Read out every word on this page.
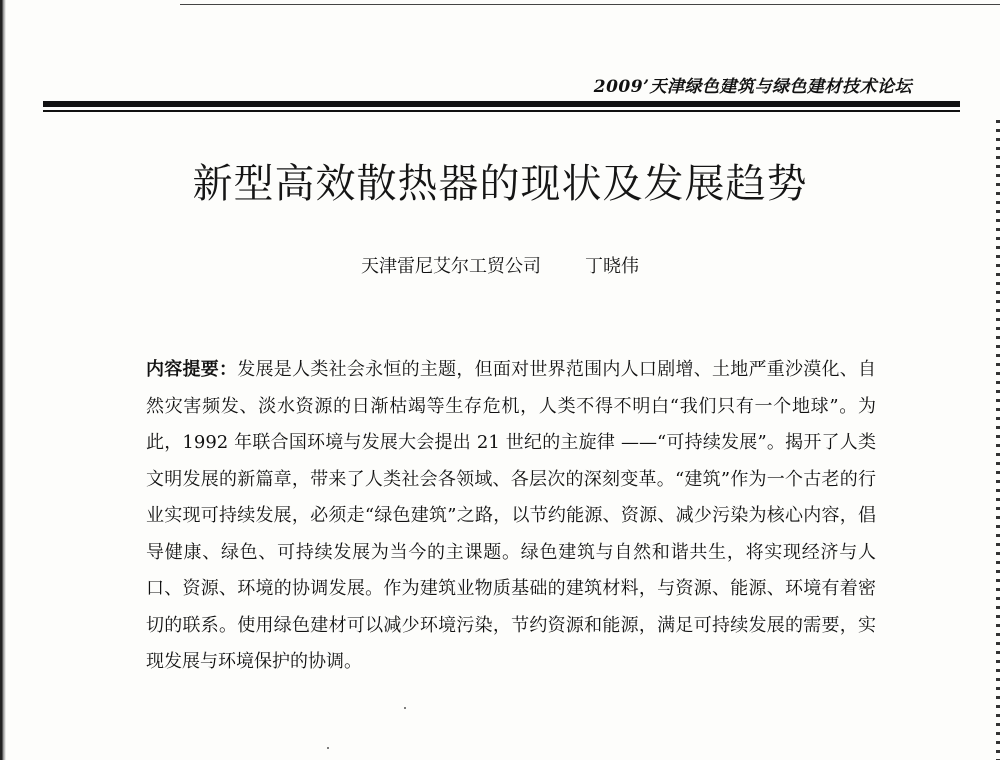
2009’天津绿色建筑与绿色建材技术论坛
新型高效散热器的现状及发展趋势
天津雷尼艾尔工贸公司 丁晓伟

内容提要：发展是人类社会永恒的主题，但面对世界范围内人口剧增、土地严重沙漠化、自然灾害频发、淡水资源的日渐枯竭等生存危机，人类不得不明白“我们只有一个地球”。为此，1992 年联合国环境与发展大会提出 21 世纪的主旋律 ——“可持续发展”。揭开了人类文明发展的新篇章，带来了人类社会各领域、各层次的深刻变革。“建筑”作为一个古老的行业实现可持续发展，必须走“绿色建筑”之路，以节约能源、资源、减少污染为核心内容，倡导健康、绿色、可持续发展为当今的主课题。绿色建筑与自然和谐共生，将实现经济与人口、资源、环境的协调发展。作为建筑业物质基础的建筑材料，与资源、能源、环境有着密切的联系。使用绿色建材可以减少环境污染，节约资源和能源，满足可持续发展的需要，实现发展与环境保护的协调。
